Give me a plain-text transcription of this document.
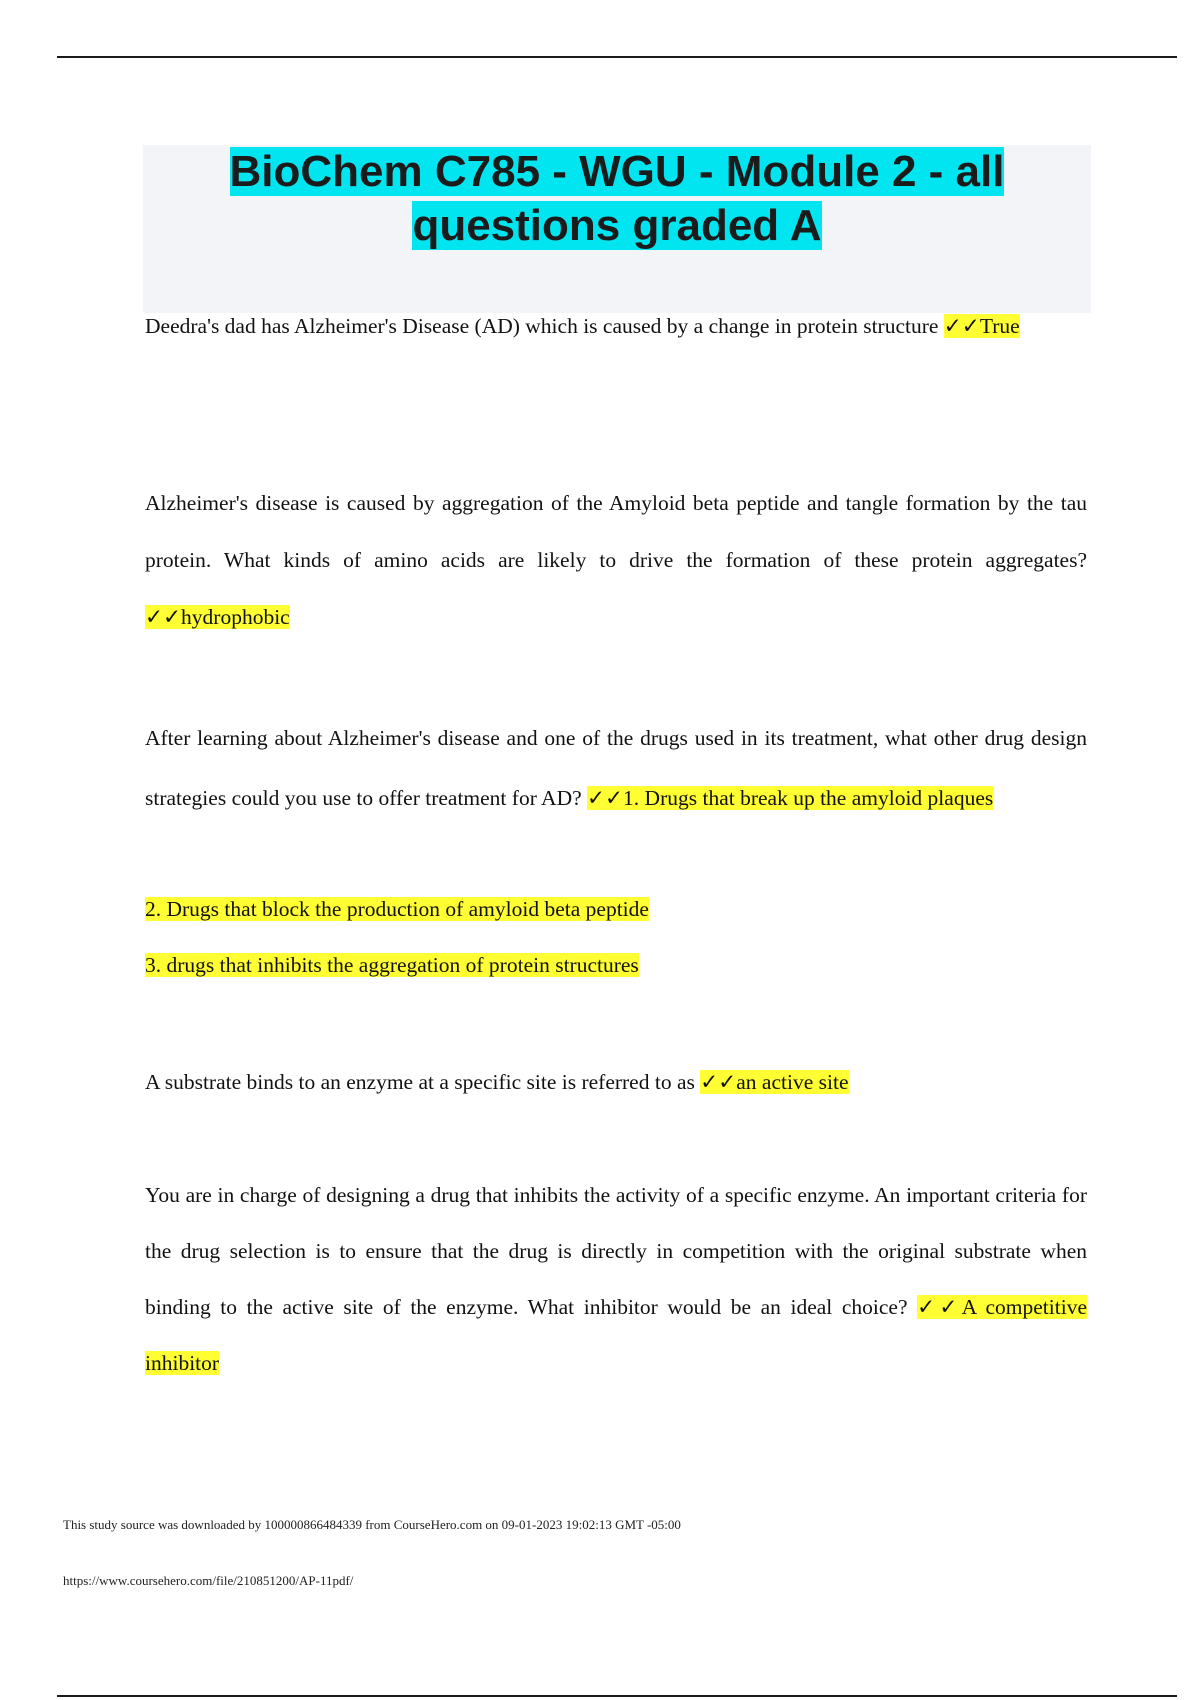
BioChem C785 - WGU - Module 2 - all
questions graded A
Deedra's dad has Alzheimer's Disease (AD) which is caused by a change in protein structure ✓✓True
Alzheimer's disease is caused by aggregation of the Amyloid beta peptide and tangle formation by the tau protein. What kinds of amino acids are likely to drive the formation of these protein aggregates? ✓✓hydrophobic
After learning about Alzheimer's disease and one of the drugs used in its treatment, what other drug design strategies could you use to offer treatment for AD? ✓✓1. Drugs that break up the amyloid plaques
2. Drugs that block the production of amyloid beta peptide
3. drugs that inhibits the aggregation of protein structures
A substrate binds to an enzyme at a specific site is referred to as ✓✓an active site
You are in charge of designing a drug that inhibits the activity of a specific enzyme. An important criteria for the drug selection is to ensure that the drug is directly in competition with the original substrate when binding to the active site of the enzyme. What inhibitor would be an ideal choice? ✓✓A competitive inhibitor
This study source was downloaded by 100000866484339 from CourseHero.com on 09-01-2023 19:02:13 GMT -05:00
https://www.coursehero.com/file/210851200/AP-11pdf/
